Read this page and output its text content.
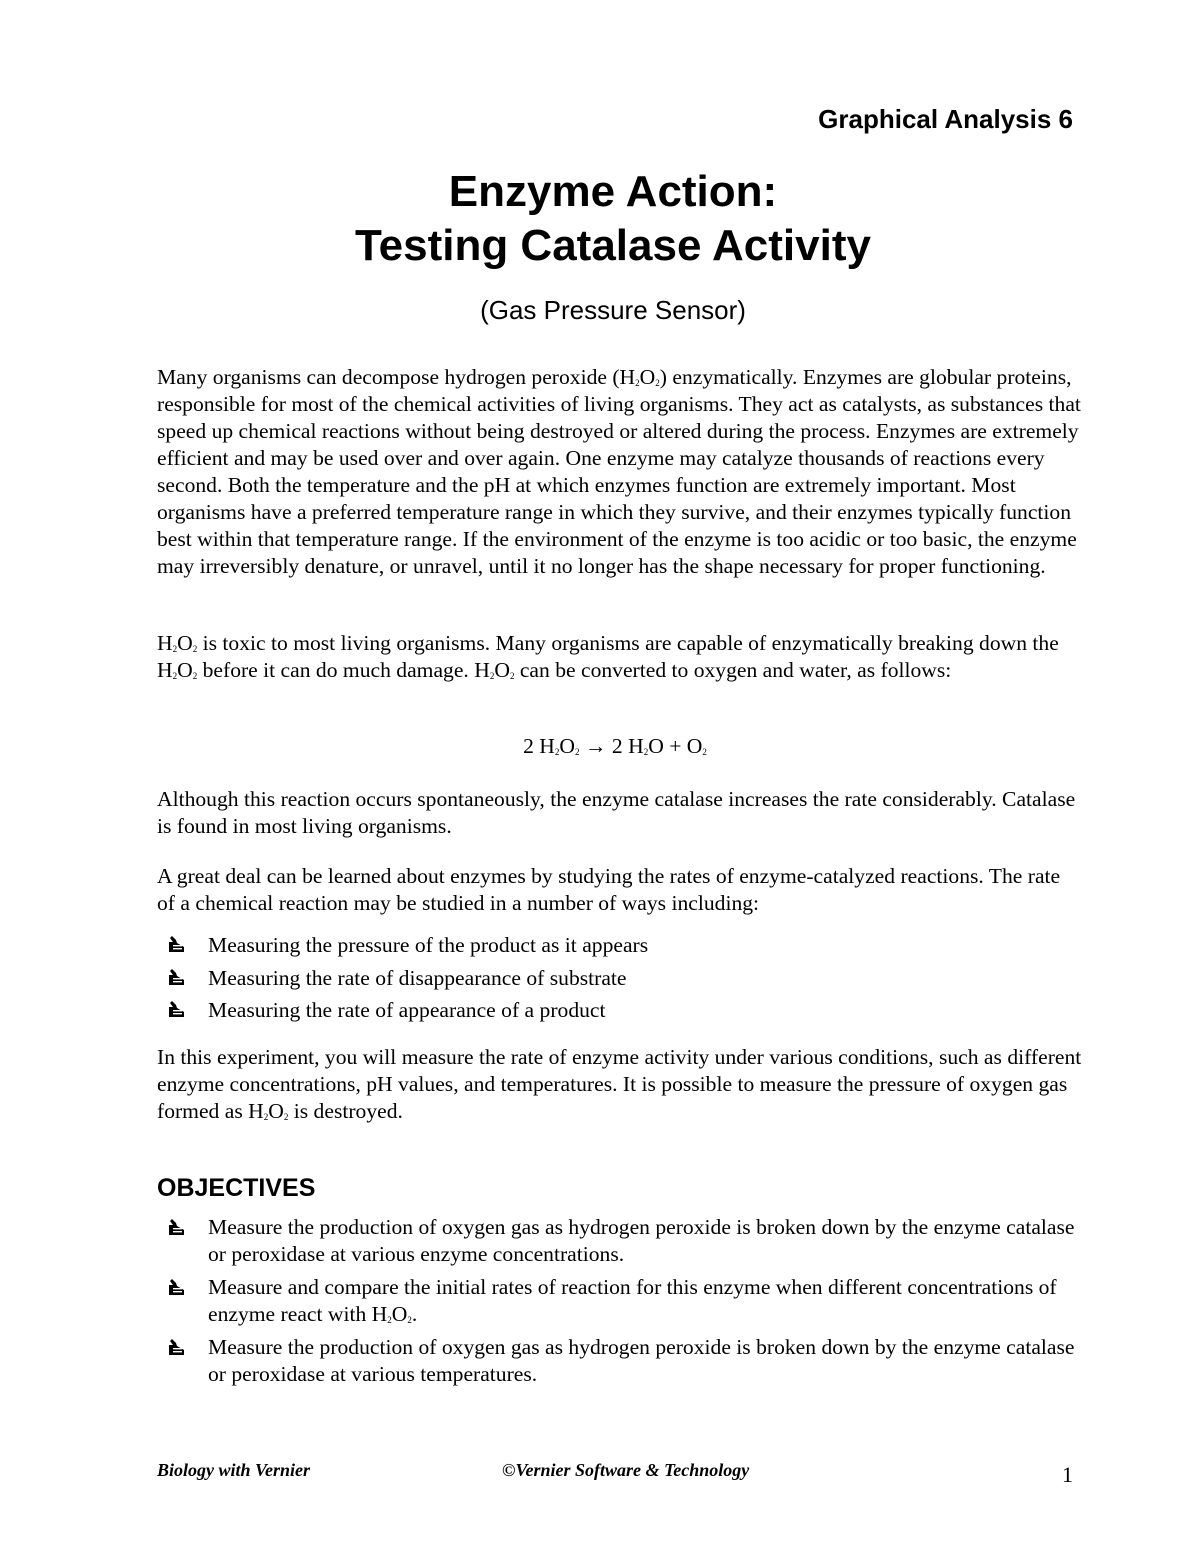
Graphical Analysis 6
Enzyme Action:
Testing Catalase Activity
(Gas Pressure Sensor)
Many organisms can decompose hydrogen peroxide $(H_2O_2)$ enzymatically. Enzymes are globular proteins, responsible for most of the chemical activities of living organisms. They act as catalysts, as substances that speed up chemical reactions without being destroyed or altered during the process. Enzymes are extremely efficient and may be used over and over again. One enzyme may catalyze thousands of reactions every second. Both the temperature and the pH at which enzymes function are extremely important. Most organisms have a preferred temperature range in which they survive, and their enzymes typically function best within that temperature range. If the environment of the enzyme is too acidic or too basic, the enzyme may irreversibly denature, or unravel, until it no longer has the shape necessary for proper functioning.
$H_2O_2$ is toxic to most living organisms. Many organisms are capable of enzymatically breaking down the $H_2O_2$ before it can do much damage. $H_2O_2$ can be converted to oxygen and water, as follows:
2 $H_2O_2 \to 2$ $H_2O + O_2$
Although this reaction occurs spontaneously, the enzyme catalase increases the rate considerably. Catalase is found in most living organisms.
A great deal can be learned about enzymes by studying the rates of enzyme-catalyzed reactions. The rate of a chemical reaction may be studied in a number of ways including:
Measuring the pressure of the product as it appears
Measuring the rate of disappearance of substrate
Measuring the rate of appearance of a product
In this experiment, you will measure the rate of enzyme activity under various conditions, such as different enzyme concentrations, pH values, and temperatures. It is possible to measure the pressure of oxygen gas formed as $H_2O_2$ is destroyed.
OBJECTIVES
Measure the production of oxygen gas as hydrogen peroxide is broken down by the enzyme catalase or peroxidase at various enzyme concentrations.
Measure and compare the initial rates of reaction for this enzyme when different concentrations of enzyme react with $H_2O_2$.
Measure the production of oxygen gas as hydrogen peroxide is broken down by the enzyme catalase or peroxidase at various temperatures.
Biology with Vernier	©Vernier Software & Technology	1
